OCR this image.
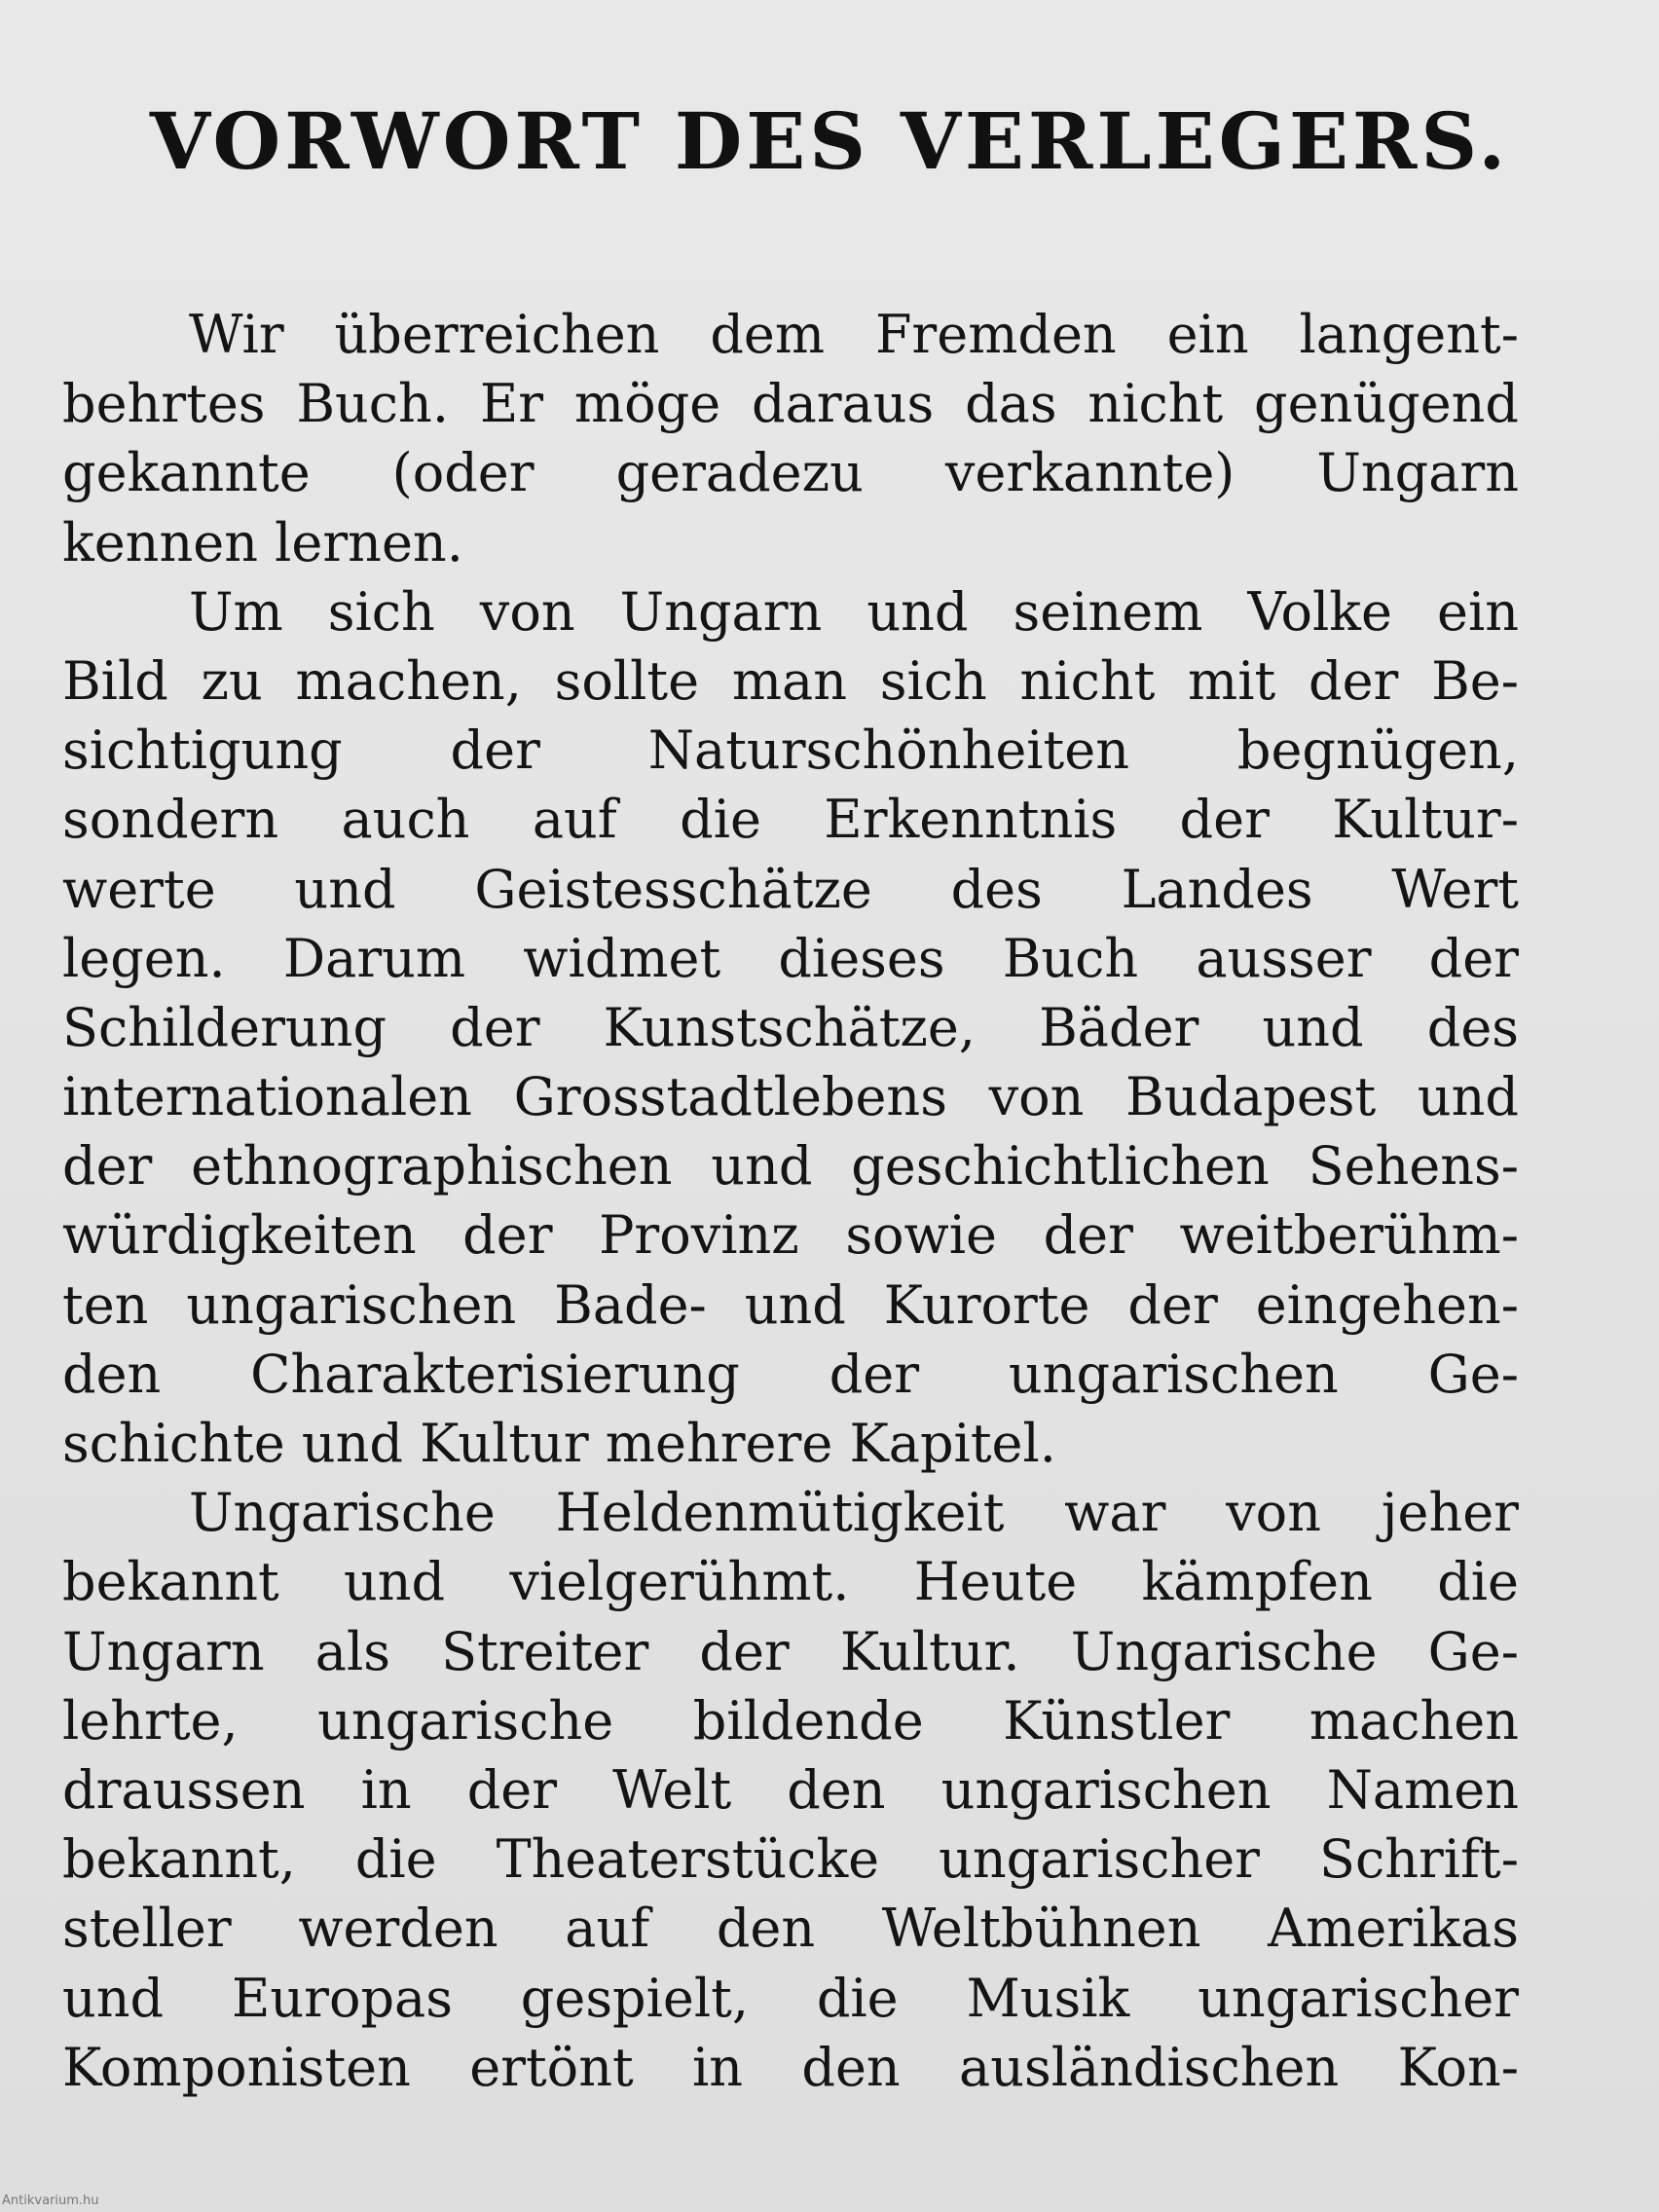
VORWORT DES VERLEGERS.
Wir überreichen dem Fremden ein langent-
behrtes Buch. Er möge daraus das nicht genügend
gekannte (oder geradezu verkannte) Ungarn
kennen lernen.
Um sich von Ungarn und seinem Volke ein
Bild zu machen, sollte man sich nicht mit der Be-
sichtigung der Naturschönheiten begnügen,
sondern auch auf die Erkenntnis der Kultur-
werte und Geistesschätze des Landes Wert
legen. Darum widmet dieses Buch ausser der
Schilderung der Kunstschätze, Bäder und des
internationalen Grosstadtlebens von Budapest und
der ethnographischen und geschichtlichen Sehens-
würdigkeiten der Provinz sowie der weitberühm-
ten ungarischen Bade- und Kurorte der eingehen-
den Charakterisierung der ungarischen Ge-
schichte und Kultur mehrere Kapitel.
Ungarische Heldenmütigkeit war von jeher
bekannt und vielgerühmt. Heute kämpfen die
Ungarn als Streiter der Kultur. Ungarische Ge-
lehrte, ungarische bildende Künstler machen
draussen in der Welt den ungarischen Namen
bekannt, die Theaterstücke ungarischer Schrift-
steller werden auf den Weltbühnen Amerikas
und Europas gespielt, die Musik ungarischer
Komponisten ertönt in den ausländischen Kon-
Antikvarium.hu
